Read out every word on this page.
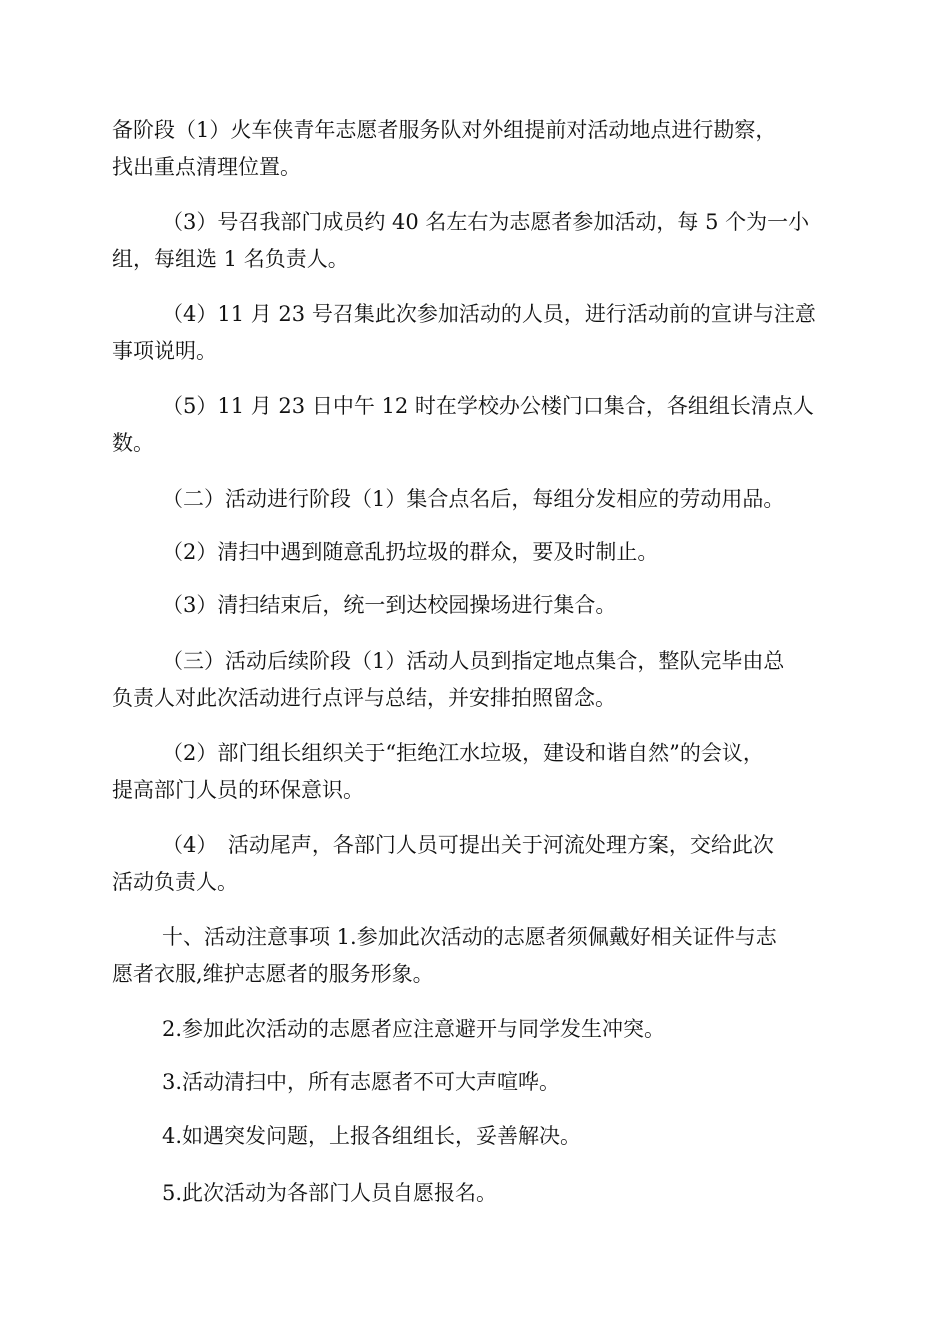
备阶段（1）火车侠青年志愿者服务队对外组提前对活动地点进行勘察，
找出重点清理位置。

（3）号召我部门成员约 40 名左右为志愿者参加活动，每 5 个为一小
组，每组选 1 名负责人。

（4）11 月 23 号召集此次参加活动的人员，进行活动前的宣讲与注意
事项说明。

（5）11 月 23 日中午 12 时在学校办公楼门口集合，各组组长清点人
数。

（二）活动进行阶段（1）集合点名后，每组分发相应的劳动用品。

（2）清扫中遇到随意乱扔垃圾的群众，要及时制止。

（3）清扫结束后，统一到达校园操场进行集合。

（三）活动后续阶段（1）活动人员到指定地点集合，整队完毕由总
负责人对此次活动进行点评与总结，并安排拍照留念。

（2）部门组长组织关于“拒绝江水垃圾，建设和谐自然”的会议，
提高部门人员的环保意识。

（4）　活动尾声，各部门人员可提出关于河流处理方案，交给此次
活动负责人。

十、活动注意事项 1.参加此次活动的志愿者须佩戴好相关证件与志
愿者衣服,维护志愿者的服务形象。

2.参加此次活动的志愿者应注意避开与同学发生冲突。

3.活动清扫中，所有志愿者不可大声喧哗。

4.如遇突发问题，上报各组组长，妥善解决。

5.此次活动为各部门人员自愿报名。
